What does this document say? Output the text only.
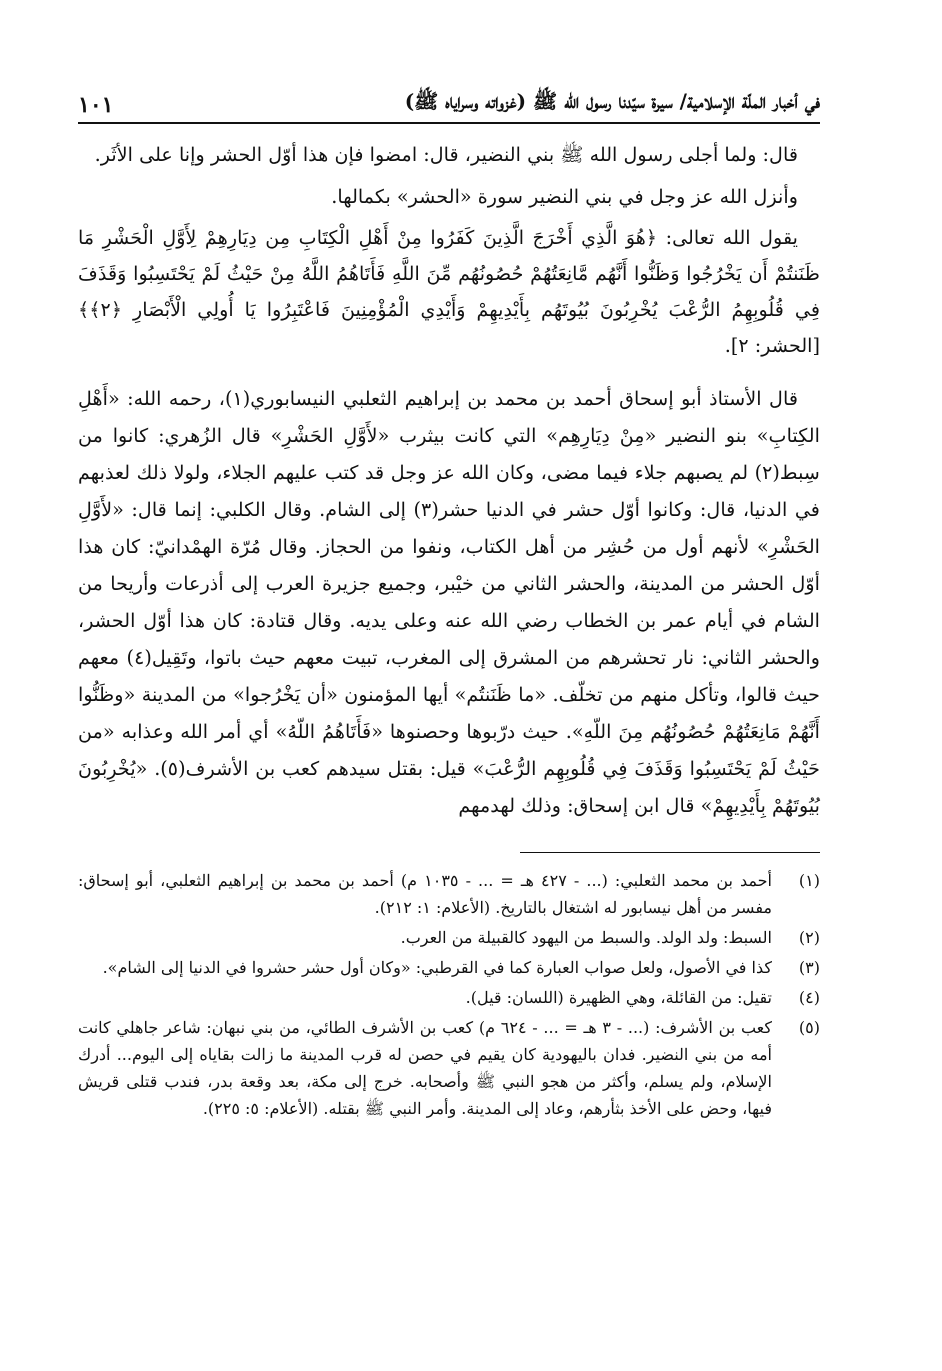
في أخبار الملّة الإسلامية/ سيرة سيّدنا رسول الله ﷺ (غزواته وسراياه ﷺ)
١٠١

قال: ولما أجلى رسول الله ﷺ بني النضير، قال: امضوا فإن هذا أوّل الحشر وإنا على الأثَر.

وأنزل الله عز وجل في بني النضير سورة «الحشر» بكمالها.

يقول الله تعالى: ﴿هُوَ الَّذِي أَخْرَجَ الَّذِينَ كَفَرُوا مِنْ أَهْلِ الْكِتَابِ مِن دِيَارِهِمْ لِأَوَّلِ الْحَشْرِ مَا ظَنَنتُمْ أَن يَخْرُجُوا وَظَنُّوا أَنَّهُم مَّانِعَتُهُمْ حُصُونُهُم مِّنَ اللَّهِ فَأَتَاهُمُ اللَّهُ مِنْ حَيْثُ لَمْ يَحْتَسِبُوا وَقَذَفَ فِي قُلُوبِهِمُ الرُّعْبَ يُخْرِبُونَ بُيُوتَهُم بِأَيْدِيهِمْ وَأَيْدِي الْمُؤْمِنِينَ فَاعْتَبِرُوا يَا أُولِي الْأَبْصَارِ ﴿٢﴾﴾ [الحشر: ٢].

قال الأستاذ أبو إسحاق أحمد بن محمد بن إبراهيم الثعلبي النيسابوري(١)، رحمه الله: «أَهْلِ الكِتابِ» بنو النضير «مِنْ دِيَارِهِم» التي كانت بيثرب «لأَوَّلِ الحَشْرِ» قال الزُهري: كانوا من سِبط(٢) لم يصبهم جلاء فيما مضى، وكان الله عز وجل قد كتب عليهم الجلاء، ولولا ذلك لعذبهم في الدنيا، قال: وكانوا أوّل حشر في الدنيا حشر(٣) إلى الشام. وقال الكلبي: إنما قال: «لأَوَّلِ الحَشْرِ» لأنهم أول من حُشِر من أهل الكتاب، ونفوا من الحجاز. وقال مُرّة الهمْدانيّ: كان هذا أوّل الحشر من المدينة، والحشر الثاني من خيْبر، وجميع جزيرة العرب إلى أذرعات وأريحا من الشام في أيام عمر بن الخطاب رضي الله عنه وعلى يديه. وقال قتادة: كان هذا أوّل الحشر، والحشر الثاني: نار تحشرهم من المشرق إلى المغرب، تبيت معهم حيث باتوا، وتَقِيل(٤) معهم حيث قالوا، وتأكل منهم من تخلّف. «ما ظَنَنتُم» أيها المؤمنون «أن يَخْرُجوا» من المدينة «وظَنُّوا أَنَّهُمْ مَانِعَتُهُمْ حُصُونُهُم مِنَ اللّهِ». حيث درّبوها وحصنوها «فَأَتَاهُمُ اللّهُ» أي أمر الله وعذابه «من حَيْثُ لَمْ يَحْتَسِبُوا وَقَذَفَ فِي قُلُوبِهِم الرُّعْبَ» قيل: بقتل سيدهم كعب بن الأشرف(٥). «يُخْرِبُونَ بُيُوتَهُمْ بِأَيْدِيهِمْ» قال ابن إسحاق: وذلك لهدمهم

(١)
أحمد بن محمد الثعلبي: (... - ٤٢٧ هـ = ... - ١٠٣٥ م) أحمد بن محمد بن إبراهيم الثعلبي، أبو إسحاق: مفسر من أهل نيسابور له اشتغال بالتاريخ. (الأعلام: ١: ٢١٢).
(٢)
السبط: ولد الولد. والسبط من اليهود كالقبيلة من العرب.
(٣)
كذا في الأصول، ولعل صواب العبارة كما في القرطبي: «وكان أول حشر حشروا في الدنيا إلى الشام».
(٤)
تقيل: من القائلة، وهي الظهيرة (اللسان: قيل).
(٥)
كعب بن الأشرف: (... - ٣ هـ = ... - ٦٢٤ م) كعب بن الأشرف الطائي، من بني نبهان: شاعر جاهلي كانت أمه من بني النضير. فدان باليهودية كان يقيم في حصن له قرب المدينة ما زالت بقاياه إلى اليوم... أدرك الإسلام، ولم يسلم، وأكثر من هجو النبي ﷺ وأصحابه. خرج إلى مكة، بعد وقعة بدر، فندب قتلى قريش فيها، وحض على الأخذ بثأرهم، وعاد إلى المدينة. وأمر النبي ﷺ بقتله. (الأعلام: ٥: ٢٢٥).
